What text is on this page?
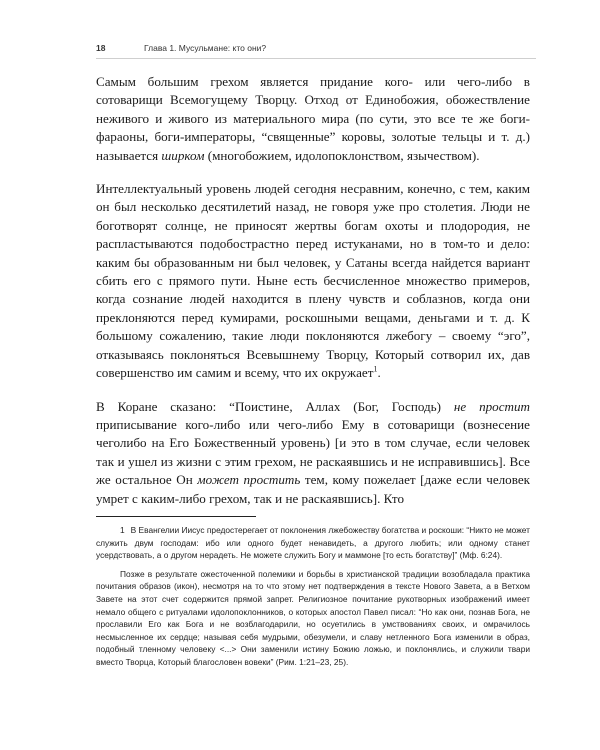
18	Глава 1. Мусульмане: кто они?

Самым большим грехом является придание кого- или чего-либо в сотоварищи Всемогущему Творцу. Отход от Единобожия, обожествление неживого и живого из материального мира (по сути, это все те же боги-фараоны, боги-императоры, “священные” коровы, золотые тельцы и т. д.) называется ширком (многобожием, идолопоклонством, язычеством).

Интеллектуальный уровень людей сегодня несравним, конечно, с тем, каким он был несколько десятилетий назад, не говоря уже про столетия. Люди не боготворят солнце, не приносят жертвы богам охоты и плодородия, не распластываются подобострастно перед истуканами, но в том-то и дело: каким бы образованным ни был человек, у Сатаны всегда найдется вариант сбить его с прямого пути. Ныне есть бесчисленное множество примеров, когда сознание людей находится в плену чувств и соблазнов, когда они преклоняются перед кумирами, роскошными вещами, деньгами и т. д. К большому сожалению, такие люди поклоняются лжебогу – своему “эго”, отказываясь поклоняться Всевышнему Творцу, Который сотворил их, дав совершенство им самим и всему, что их окружает$^1$.

В Коране сказано: “Поистине, Аллах (Бог, Господь) не простит приписывание кого-либо или чего-либо Ему в сотоварищи (вознесение чеголибо на Его Божественный уровень) [и это в том случае, если человек так и ушел из жизни с этим грехом, не раскаявшись и не исправившись]. Все же остальное Он может простить тем, кому пожелает [даже если человек умрет с каким-либо грехом, так и не раскаявшись]. Кто

1 В Евангелии Иисус предостерегает от поклонения лжебожеству богатства и роскоши: “Никто не может служить двум господам: ибо или одного будет ненавидеть, а другого любить; или одному станет усердствовать, а о другом нерадеть. Не можете служить Богу и маммоне [то есть богатству]” (Мф. 6:24).

Позже в результате ожесточенной полемики и борьбы в христианской традиции возобладала практика почитания образов (икон), несмотря на то что этому нет подтверждения в тексте Нового Завета, а в Ветхом Завете на этот счет содержится прямой запрет. Религиозное почитание рукотворных изображений имеет немало общего с ритуалами идолопоклонников, о которых апостол Павел писал: “Но как они, познав Бога, не прославили Его как Бога и не возблагодарили, но осуетились в умствованиях своих, и омрачилось несмысленное их сердце; называя себя мудрыми, обезумели, и славу нетленного Бога изменили в образ, подобный тленному человеку <...> Они заменили истину Божию ложью, и поклонялись, и служили твари вместо Творца, Который благословен вовеки” (Рим. 1:21–23, 25).
